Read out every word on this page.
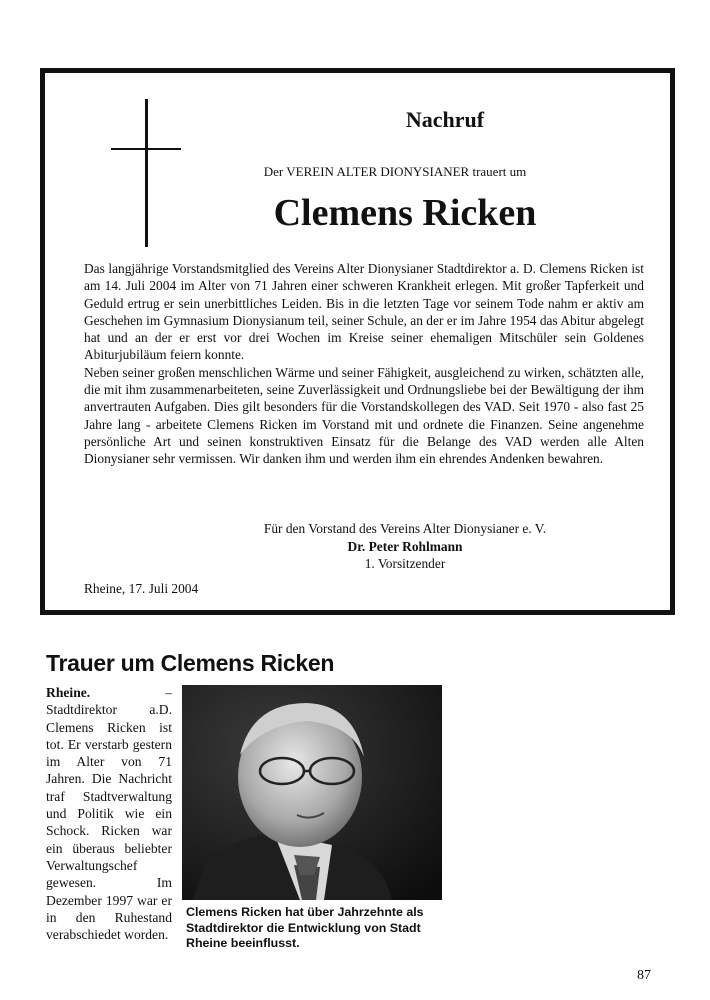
Nachruf
Der VEREIN ALTER DIONYSIANER trauert um
Clemens Ricken

Das langjährige Vorstandsmitglied des Vereins Alter Dionysianer Stadtdirektor a. D. Clemens Ricken ist am 14. Juli 2004 im Alter von 71 Jahren einer schweren Krankheit erlegen. Mit großer Tapferkeit und Geduld ertrug er sein unerbittliches Leiden. Bis in die letzten Tage vor seinem Tode nahm er aktiv am Geschehen im Gymnasium Dionysianum teil, seiner Schule, an der er im Jahre 1954 das Abitur abgelegt hat und an der er erst vor drei Wochen im Kreise seiner ehemaligen Mitschüler sein Goldenes Abiturjubiläum feiern konnte.

Neben seiner großen menschlichen Wärme und seiner Fähigkeit, ausgleichend zu wirken, schätzten alle, die mit ihm zusammenarbeiteten, seine Zuverlässigkeit und Ordnungsliebe bei der Bewältigung der ihm anvertrauten Aufgaben. Dies gilt besonders für die Vorstandskollegen des VAD. Seit 1970 - also fast 25 Jahre lang - arbeitete Clemens Ricken im Vorstand mit und ordnete die Finanzen. Seine angenehme persönliche Art und seinen konstruktiven Einsatz für die Belange des VAD werden alle Alten Dionysianer sehr vermissen. Wir danken ihm und werden ihm ein ehrendes Andenken bewahren.

Für den Vorstand des Vereins Alter Dionysianer e. V.
Dr. Peter Rohlmann
1. Vorsitzender
Rheine, 17. Juli 2004
Trauer um Clemens Ricken
Rheine. – Stadtdirektor a.D. Clemens Ricken ist tot. Er verstarb gestern im Alter von 71 Jahren. Die Nachricht traf Stadtverwaltung und Politik wie ein Schock. Ricken war ein überaus beliebter Verwaltungschef gewesen. Im Dezember 1997 war er in den Ruhestand verabschiedet worden.
Clemens Ricken hat über Jahrzehnte als Stadtdirektor die Entwicklung von Stadt Rheine beeinflusst.
87
